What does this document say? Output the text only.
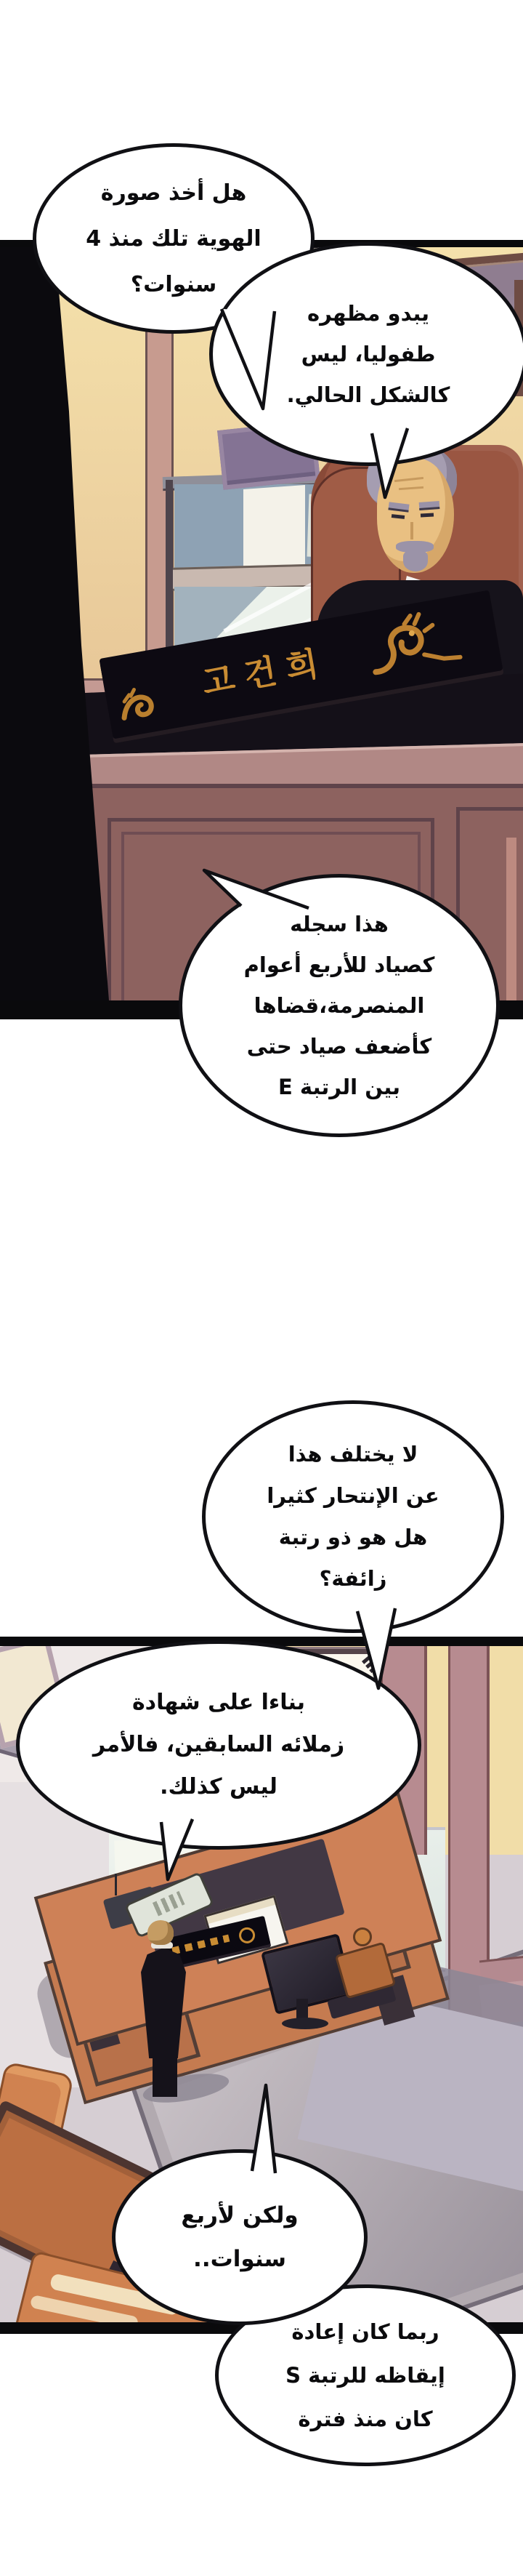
고건희
هل أخذ صورة
الهوية تلك منذ 4
سنوات؟
يبدو مظهره
طفوليا، ليس
كالشكل الحالي.
هذا سجله
كصياد للأربع أعوام
المنصرمة،قضاها
كأضعف صياد حتى
بين الرتبة E
لا يختلف هذا
عن الإنتحار كثيرا
هل هو ذو رتبة
زائفة؟
بناءا على شهادة
زملائه السابقين، فالأمر
ليس كذلك.
ربما كان إعادة
إيقاظه للرتبة S
كان منذ فترة
ولكن لأربع
سنوات..
